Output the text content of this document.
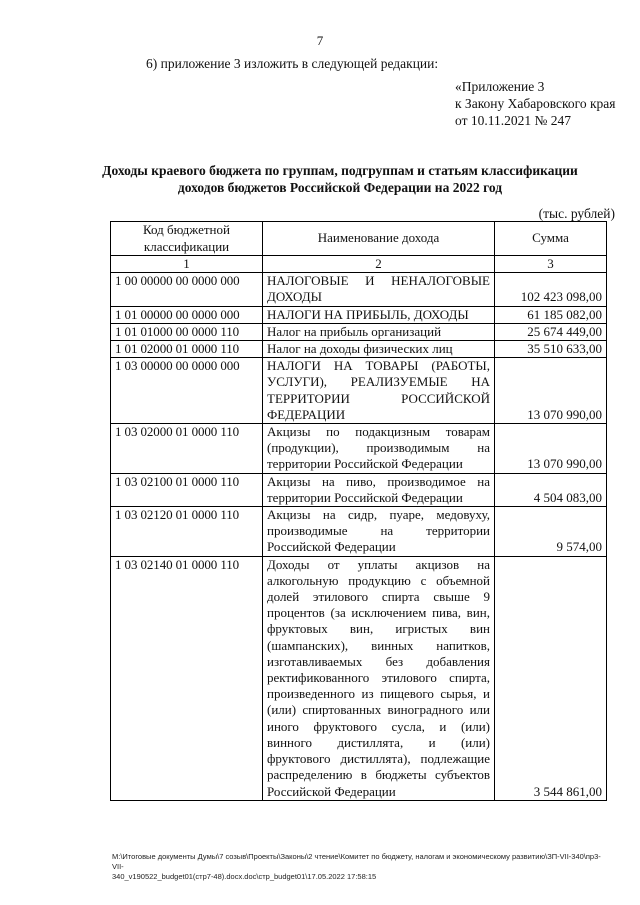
7
6) приложение 3 изложить в следующей редакции:
«Приложение 3
к Закону Хабаровского края
от 10.11.2021 № 247
Доходы краевого бюджета по группам, подгруппам и статьям классификации
доходов бюджетов Российской Федерации на 2022 год
(тыс. рублей)
Код бюджетной классификации	Наименование дохода	Сумма
1	2	3
1 00 00000 00 0000 000	НАЛОГОВЫЕ И НЕНАЛОГОВЫЕ ДОХОДЫ	102 423 098,00
1 01 00000 00 0000 000	НАЛОГИ НА ПРИБЫЛЬ, ДОХОДЫ	61 185 082,00
1 01 01000 00 0000 110	Налог на прибыль организаций	25 674 449,00
1 01 02000 01 0000 110	Налог на доходы физических лиц	35 510 633,00
1 03 00000 00 0000 000	НАЛОГИ НА ТОВАРЫ (РАБОТЫ, УСЛУГИ), РЕАЛИЗУЕМЫЕ НА ТЕРРИТОРИИ РОССИЙСКОЙ ФЕДЕРАЦИИ	13 070 990,00
1 03 02000 01 0000 110	Акцизы по подакцизным товарам (продукции), производимым на территории Российской Федерации	13 070 990,00
1 03 02100 01 0000 110	Акцизы на пиво, производимое на территории Российской Федерации	4 504 083,00
1 03 02120 01 0000 110	Акцизы на сидр, пуаре, медовуху, производимые на территории Российской Федерации	9 574,00
1 03 02140 01 0000 110	Доходы от уплаты акцизов на алкогольную продукцию с объемной долей этилового спирта свыше 9 процентов (за исключением пива, вин, фруктовых вин, игристых вин (шампанских), винных напитков, изготавливаемых без добавления ректификованного этилового спирта, произведенного из пищевого сырья, и (или) спиртованных виноградного или иного фруктового сусла, и (или) винного дистиллята, и (или) фруктового дистиллята), подлежащие распределению в бюджеты субъектов Российской Федерации	3 544 861,00
M:\Итоговые документы Думы\7 созыв\Проекты\Законы\2 чтение\Комитет по бюджету, налогам и экономическому развитию\ЗП-VII-340\пр3-VII-
340_v190522_budget01(стр7-48).docx.doc\стр_budget01\17.05.2022 17:58:15
